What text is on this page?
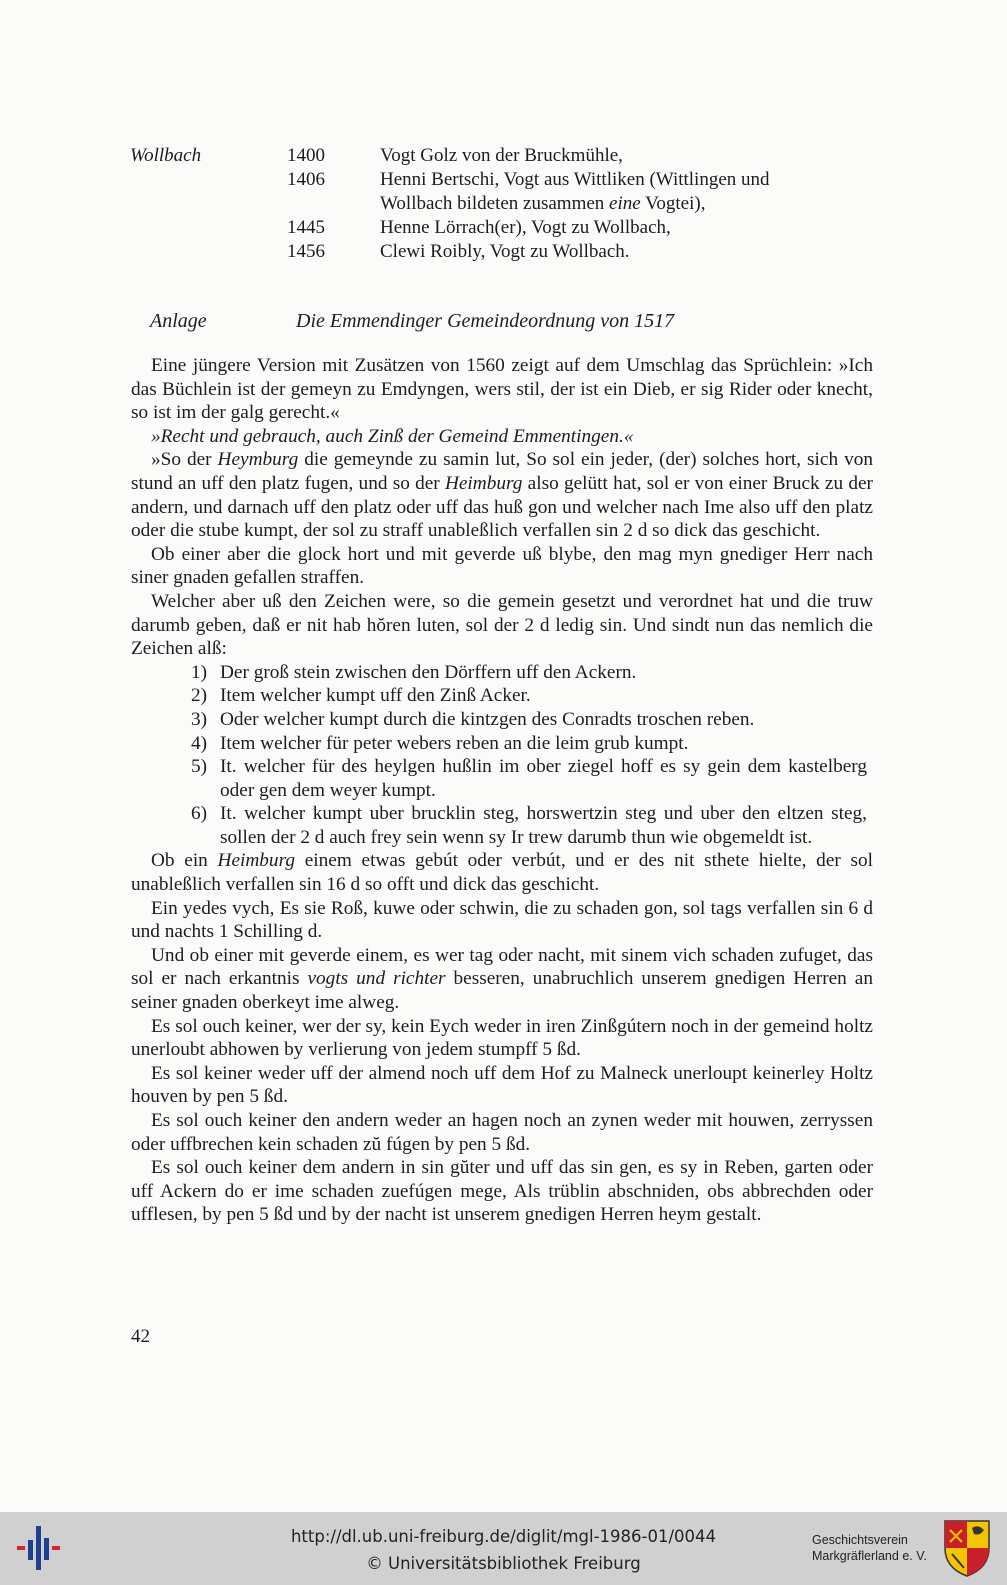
Wollbach	1400	Vogt Golz von der Bruckmühle,
1406	Henni Bertschi, Vogt aus Wittliken (Wittlingen und
Wollbach bildeten zusammen eine Vogtei),
1445	Henne Lörrach(er), Vogt zu Wollbach,
1456	Clewi Roibly, Vogt zu Wollbach.
Anlage	Die Emmendinger Gemeindeordnung von 1517

Eine jüngere Version mit Zusätzen von 1560 zeigt auf dem Umschlag das Sprüchlein: »Ich das Büchlein ist der gemeyn zu Emdyngen, wers stil, der ist ein Dieb, er sig Rider oder knecht, so ist im der galg gerecht.«

»Recht und gebrauch, auch Zinß der Gemeind Emmentingen.«

»So der Heymburg die gemeynde zu samin lut, So sol ein jeder, (der) solches hort, sich von stund an uff den platz fugen, und so der Heimburg also gelütt hat, sol er von einer Bruck zu der andern, und darnach uff den platz oder uff das huß gon und welcher nach Ime also uff den platz oder die stube kumpt, der sol zu straff unableßlich verfallen sin 2 d so dick das geschicht.

Ob einer aber die glock hort und mit geverde uß blybe, den mag myn gnediger Herr nach siner gnaden gefallen straffen.

Welcher aber uß den Zeichen were, so die gemein gesetzt und verordnet hat und die truw darumb geben, daß er nit hab hŏren luten, sol der 2 d ledig sin. Und sindt nun das nemlich die Zeichen alß:

1) Der groß stein zwischen den Dörffern uff den Ackern.
2) Item welcher kumpt uff den Zinß Acker.
3) Oder welcher kumpt durch die kintzgen des Conradts troschen reben.
4) Item welcher für peter webers reben an die leim grub kumpt.
5) It. welcher für des heylgen hußlin im ober ziegel hoff es sy gein dem kastelberg oder gen dem weyer kumpt.
6) It. welcher kumpt uber brucklin steg, horswertzin steg und uber den eltzen steg, sollen der 2 d auch frey sein wenn sy Ir trew darumb thun wie obgemeldt ist.

Ob ein Heimburg einem etwas gebút oder verbút, und er des nit sthete hielte, der sol unableßlich verfallen sin 16 d so offt und dick das geschicht.

Ein yedes vych, Es sie Roß, kuwe oder schwin, die zu schaden gon, sol tags verfallen sin 6 d und nachts 1 Schilling d.

Und ob einer mit geverde einem, es wer tag oder nacht, mit sinem vich schaden zufuget, das sol er nach erkantnis vogts und richter besseren, unabruchlich unserem gnedigen Herren an seiner gnaden oberkeyt ime alweg.

Es sol ouch keiner, wer der sy, kein Eych weder in iren Zinßgútern noch in der gemeind holtz unerloubt abhowen by verlierung von jedem stumpff 5 ßd.

Es sol keiner weder uff der almend noch uff dem Hof zu Malneck unerloupt keinerley Holtz houven by pen 5 ßd.

Es sol ouch keiner den andern weder an hagen noch an zynen weder mit houwen, zerryssen oder uffbrechen kein schaden zŭ fúgen by pen 5 ßd.

Es sol ouch keiner dem andern in sin gŭter und uff das sin gen, es sy in Reben, garten oder uff Ackern do er ime schaden zuefúgen mege, Als trüblin abschniden, obs abbrechden oder ufflesen, by pen 5 ßd und by der nacht ist unserem gnedigen Herren heym gestalt.

42
http://dl.ub.uni-freiburg.de/diglit/mgl-1986-01/0044
© Universitätsbibliothek Freiburg
Geschichtsverein
Markgräflerland e. V.
